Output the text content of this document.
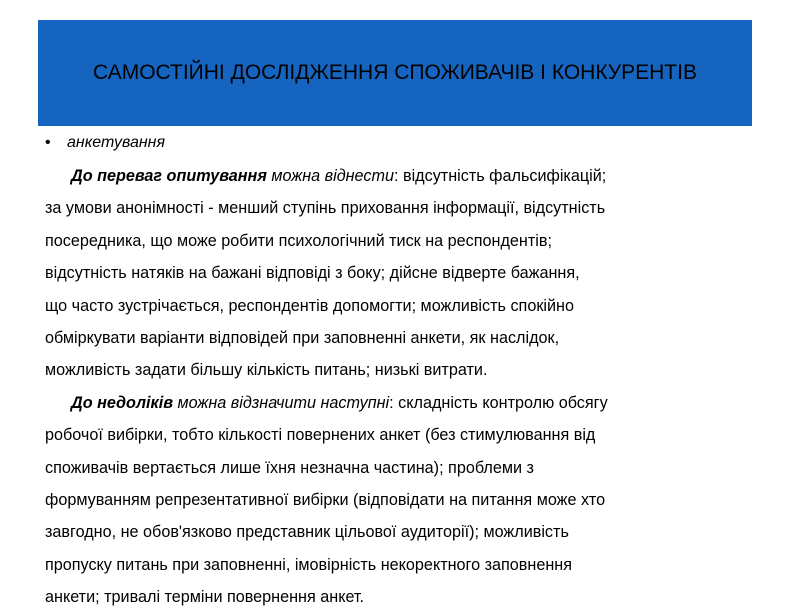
САМОСТІЙНІ ДОСЛІДЖЕННЯ СПОЖИВАЧІВ І КОНКУРЕНТІВ
• анкетування
До переваг опитування можна віднести: відсутність фальсифікацій;
за умови анонімності - менший ступінь приховання інформації, відсутність
посередника, що може робити психологічний тиск на респондентів;
відсутність натяків на бажані відповіді з боку; дійсне відверте бажання,
що часто зустрічається, респондентів допомогти; можливість спокійно
обміркувати варіанти відповідей при заповненні анкети, як наслідок,
можливість задати більшу кількість питань; низькі витрати.
До недоліків можна відзначити наступні: складність контролю обсягу
робочої вибірки, тобто кількості повернених анкет (без стимулювання від
споживачів вертається лише їхня незначна частина); проблеми з
формуванням репрезентативної вибірки (відповідати на питання може хто
завгодно, не обов'язково представник цільової аудиторії); можливість
пропуску питань при заповненні, імовірність некоректного заповнення
анкети; тривалі терміни повернення анкет.
